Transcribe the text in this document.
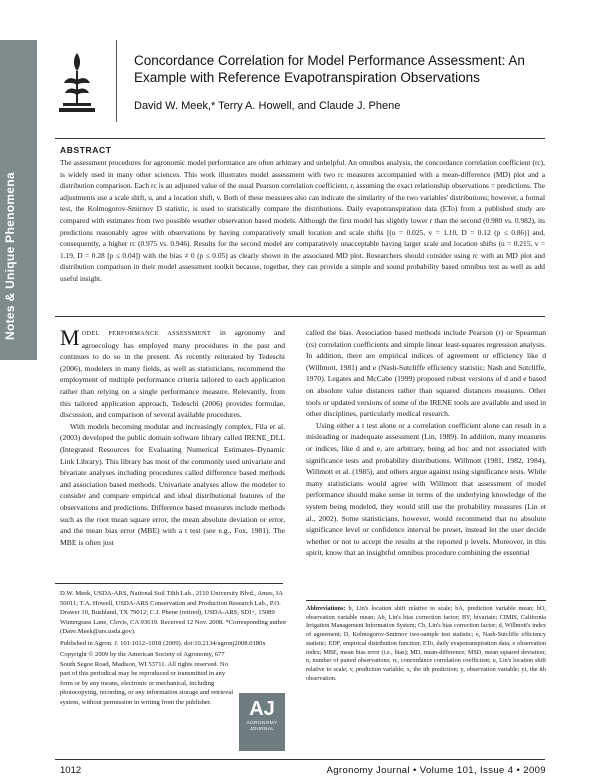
Notes & Unique Phenomena
Concordance Correlation for Model Performance Assessment: An Example with Reference Evapotranspiration Observations
David W. Meek,* Terry A. Howell, and Claude J. Phene
ABSTRACT
The assessment procedures for agronomic model performance are often arbitrary and unhelpful. An omnibus analysis, the concordance correlation coefficient (rc), is widely used in many other sciences. This work illustrates model assessment with two rc measures accompanied with a mean-difference (MD) plot and a distribution comparison. Each rc is an adjusted value of the usual Pearson correlation coefficient, r, assuming the exact relationship observations = predictions. The adjustments use a scale shift, u, and a location shift, v. Both of these measures also can indicate the similarity of the two variables' distributions; however, a formal test, the Kolmogorov-Smirnov D statistic, is used to statistically compare the distributions. Daily evapotranspiration data (ETo) from a published study are compared with estimates from two possible weather observation based models. Although the first model has slightly lower r than the second (0.980 vs. 0.982), its predictions reasonably agree with observations by having comparatively small location and scale shifts [(u = 0.025, v = 1.10, D = 0.12 (p ≤ 0.86)] and, consequently, a higher rc (0.975 vs. 0.946). Results for the second model are comparatively unacceptable having larger scale and location shifts (u = 0.215, v = 1.19, D = 0.28 [p ≤ 0.04]) with the bias ≠ 0 (p ≤ 0.05) as clearly shown in the associated MD plot. Researchers should consider using rc with an MD plot and distribution comparison in their model assessment toolkit because, together, they can provide a simple and sound probability based omnibus test as well as add useful insight.

MODEL PERFORMANCE ASSESSMENT in agronomy and agroecology has employed many procedures in the past and continues to do so in the present. As recently reiterated by Tedeschi (2006), modelers in many fields, as well as statisticians, recommend the employment of multiple performance criteria tailored to each application rather than relying on a single performance measure. Relevantly, from this tailored application approach, Tedeschi (2006) provides formulae, discussion, and comparison of several available procedures.

With models becoming modular and increasingly complex, Fila et al. (2003) developed the public domain software library called IRENE_DLL (Integrated Resources for Evaluating Numerical Estimates–Dynamic Link Library). This library has most of the commonly used univariate and bivariate analyses including procedures called difference based methods and association based methods. Univariate analyses allow the modeler to consider and compare empirical and ideal distributional features of the observations and predictions. Difference based measures include methods such as the root mean square error, the mean absolute deviation or error, and the mean bias error (MBE) with a t test (see e.g., Fox, 1981). The MBE is often just

called the bias. Association based methods include Pearson (r) or Spearman (rs) correlation coefficients and simple linear least-squares regression analysis. In addition, there are empirical indices of agreement or efficiency like d (Willmott, 1981) and e (Nash-Sutcliffe efficiency statistic; Nash and Sutcliffe, 1970). Legates and McCabe (1999) proposed robust versions of d and e based on absolute value distances rather than squared distances measures. Other tools or updated versions of some of the IRENE tools are available and used in other disciplines, particularly medical research.

Using either a t test alone or a correlation coefficient alone can result in a misleading or inadequate assessment (Lin, 1989). In addition, many measures or indices, like d and e, are arbitrary, being ad hoc and not associated with significance tests and probability distributions. Willmott (1981, 1982, 1984), Willmott et al. (1985), and others argue against using significance tests. While many statisticians would agree with Willmott that assessment of model performance should make sense in terms of the underlying knowledge of the system being modeled, they would still use the probability measures (Lin et al., 2002). Some statisticians, however, would recommend that no absolute significance level or confidence interval be preset, instead let the user decide whether or not to accept the results at the reported p levels. Moreover, in this spirit, know that an insightful omnibus procedure combining the essential

D.W. Meek, USDA-ARS, National Soil Tilth Lab., 2110 University Blvd., Ames, IA 50011; T.A. Howell, USDA-ARS Conservation and Production Research Lab., P.O. Drawer 10, Bushland, TX 79012; C.J. Phene (retired), USDA-ARS, SDI+, 15089 Wintergrass Lane, Clovis, CA 93619. Received 12 Nov. 2008. *Corresponding author (Dave.Meek@ars.usda.gov).

Published in Agron. J. 101:1012–1018 (2009). doi:10.2134/agronj2008.0180x

Copyright © 2009 by the American Society of Agronomy, 677 South Segoe Road, Madison, WI 53711. All rights reserved. No part of this periodical may be reproduced or transmitted in any form or by any means, electronic or mechanical, including photocopying, recording, or any information storage and retrieval system, without permission in writing from the publisher.	AJ
AGRONOMY JOURNAL
Abbreviations: b, Lin's location shift relative to scale; bA, prediction variable mean; bO, observation variable mean; Ab, Lin's bias correction factor; BV, bivariate; CIMIS, California Irrigation Management Information System; Cb, Lin's bias correction factor; d, Willmott's index of agreement; D, Kolmogorov-Smirnov two-sample test statistic; e, Nash-Sutcliffe efficiency statistic; EDF, empirical distribution function; ETo, daily evapotranspiration data; e observation index; MBE, mean bias error (i.e., bias); MD, mean-difference; MSD, mean squared deviation; n, number of paired observations; rc, concordance correlation coefficient; u, Lin's location shift relative to scale; v, prediction variable; x, the ith prediction; y, observation variable; yi, the ith observation.
1012	Agronomy Journal • Volume 101, Issue 4 • 2009
